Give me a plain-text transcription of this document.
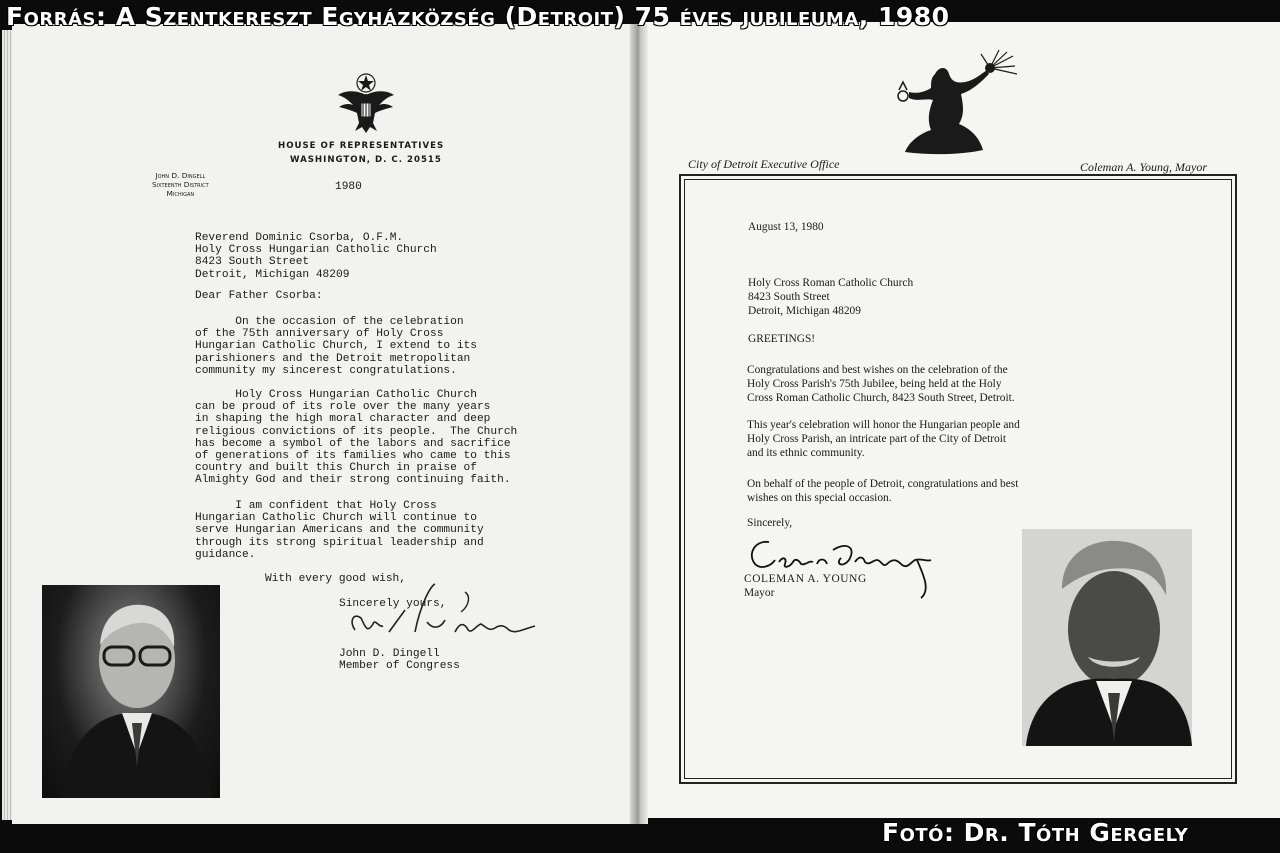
HOUSE OF REPRESENTATIVES
WASHINGTON, D. C. 20515
John D. Dingell
Sixteenth District
Michigan
1980
Reverend Dominic Csorba, O.F.M.
Holy Cross Hungarian Catholic Church
8423 South Street
Detroit, Michigan 48209
Dear Father Csorba:
On the occasion of the celebration
of the 75th anniversary of Holy Cross
Hungarian Catholic Church, I extend to its
parishioners and the Detroit metropolitan
community my sincerest congratulations.
Holy Cross Hungarian Catholic Church
can be proud of its role over the many years
in shaping the high moral character and deep
religious convictions of its people.  The Church
has become a symbol of the labors and sacrifice
of generations of its families who came to this
country and built this Church in praise of
Almighty God and their strong continuing faith.
I am confident that Holy Cross
Hungarian Catholic Church will continue to
serve Hungarian Americans and the community
through its strong spiritual leadership and
guidance.
With every good wish,
Sincerely yours,
John D. Dingell
Member of Congress
City of Detroit Executive Office	Coleman A. Young, Mayor
August 13, 1980
Holy Cross Roman Catholic Church
8423 South Street
Detroit, Michigan 48209
GREETINGS!
Congratulations and best wishes on the celebration of the
Holy Cross Parish's 75th Jubilee, being held at the Holy
Cross Roman Catholic Church, 8423 South Street, Detroit.
This year's celebration will honor the Hungarian people and
Holy Cross Parish, an intricate part of the City of Detroit
and its ethnic community.
On behalf of the people of Detroit, congratulations and best
wishes on this special occasion.
Sincerely,
COLEMAN A. YOUNG
Mayor
Forrás: A Szentkereszt Egyházközség (Detroit) 75 éves jubileuma, 1980
Fotó: Dr. Tóth Gergely
